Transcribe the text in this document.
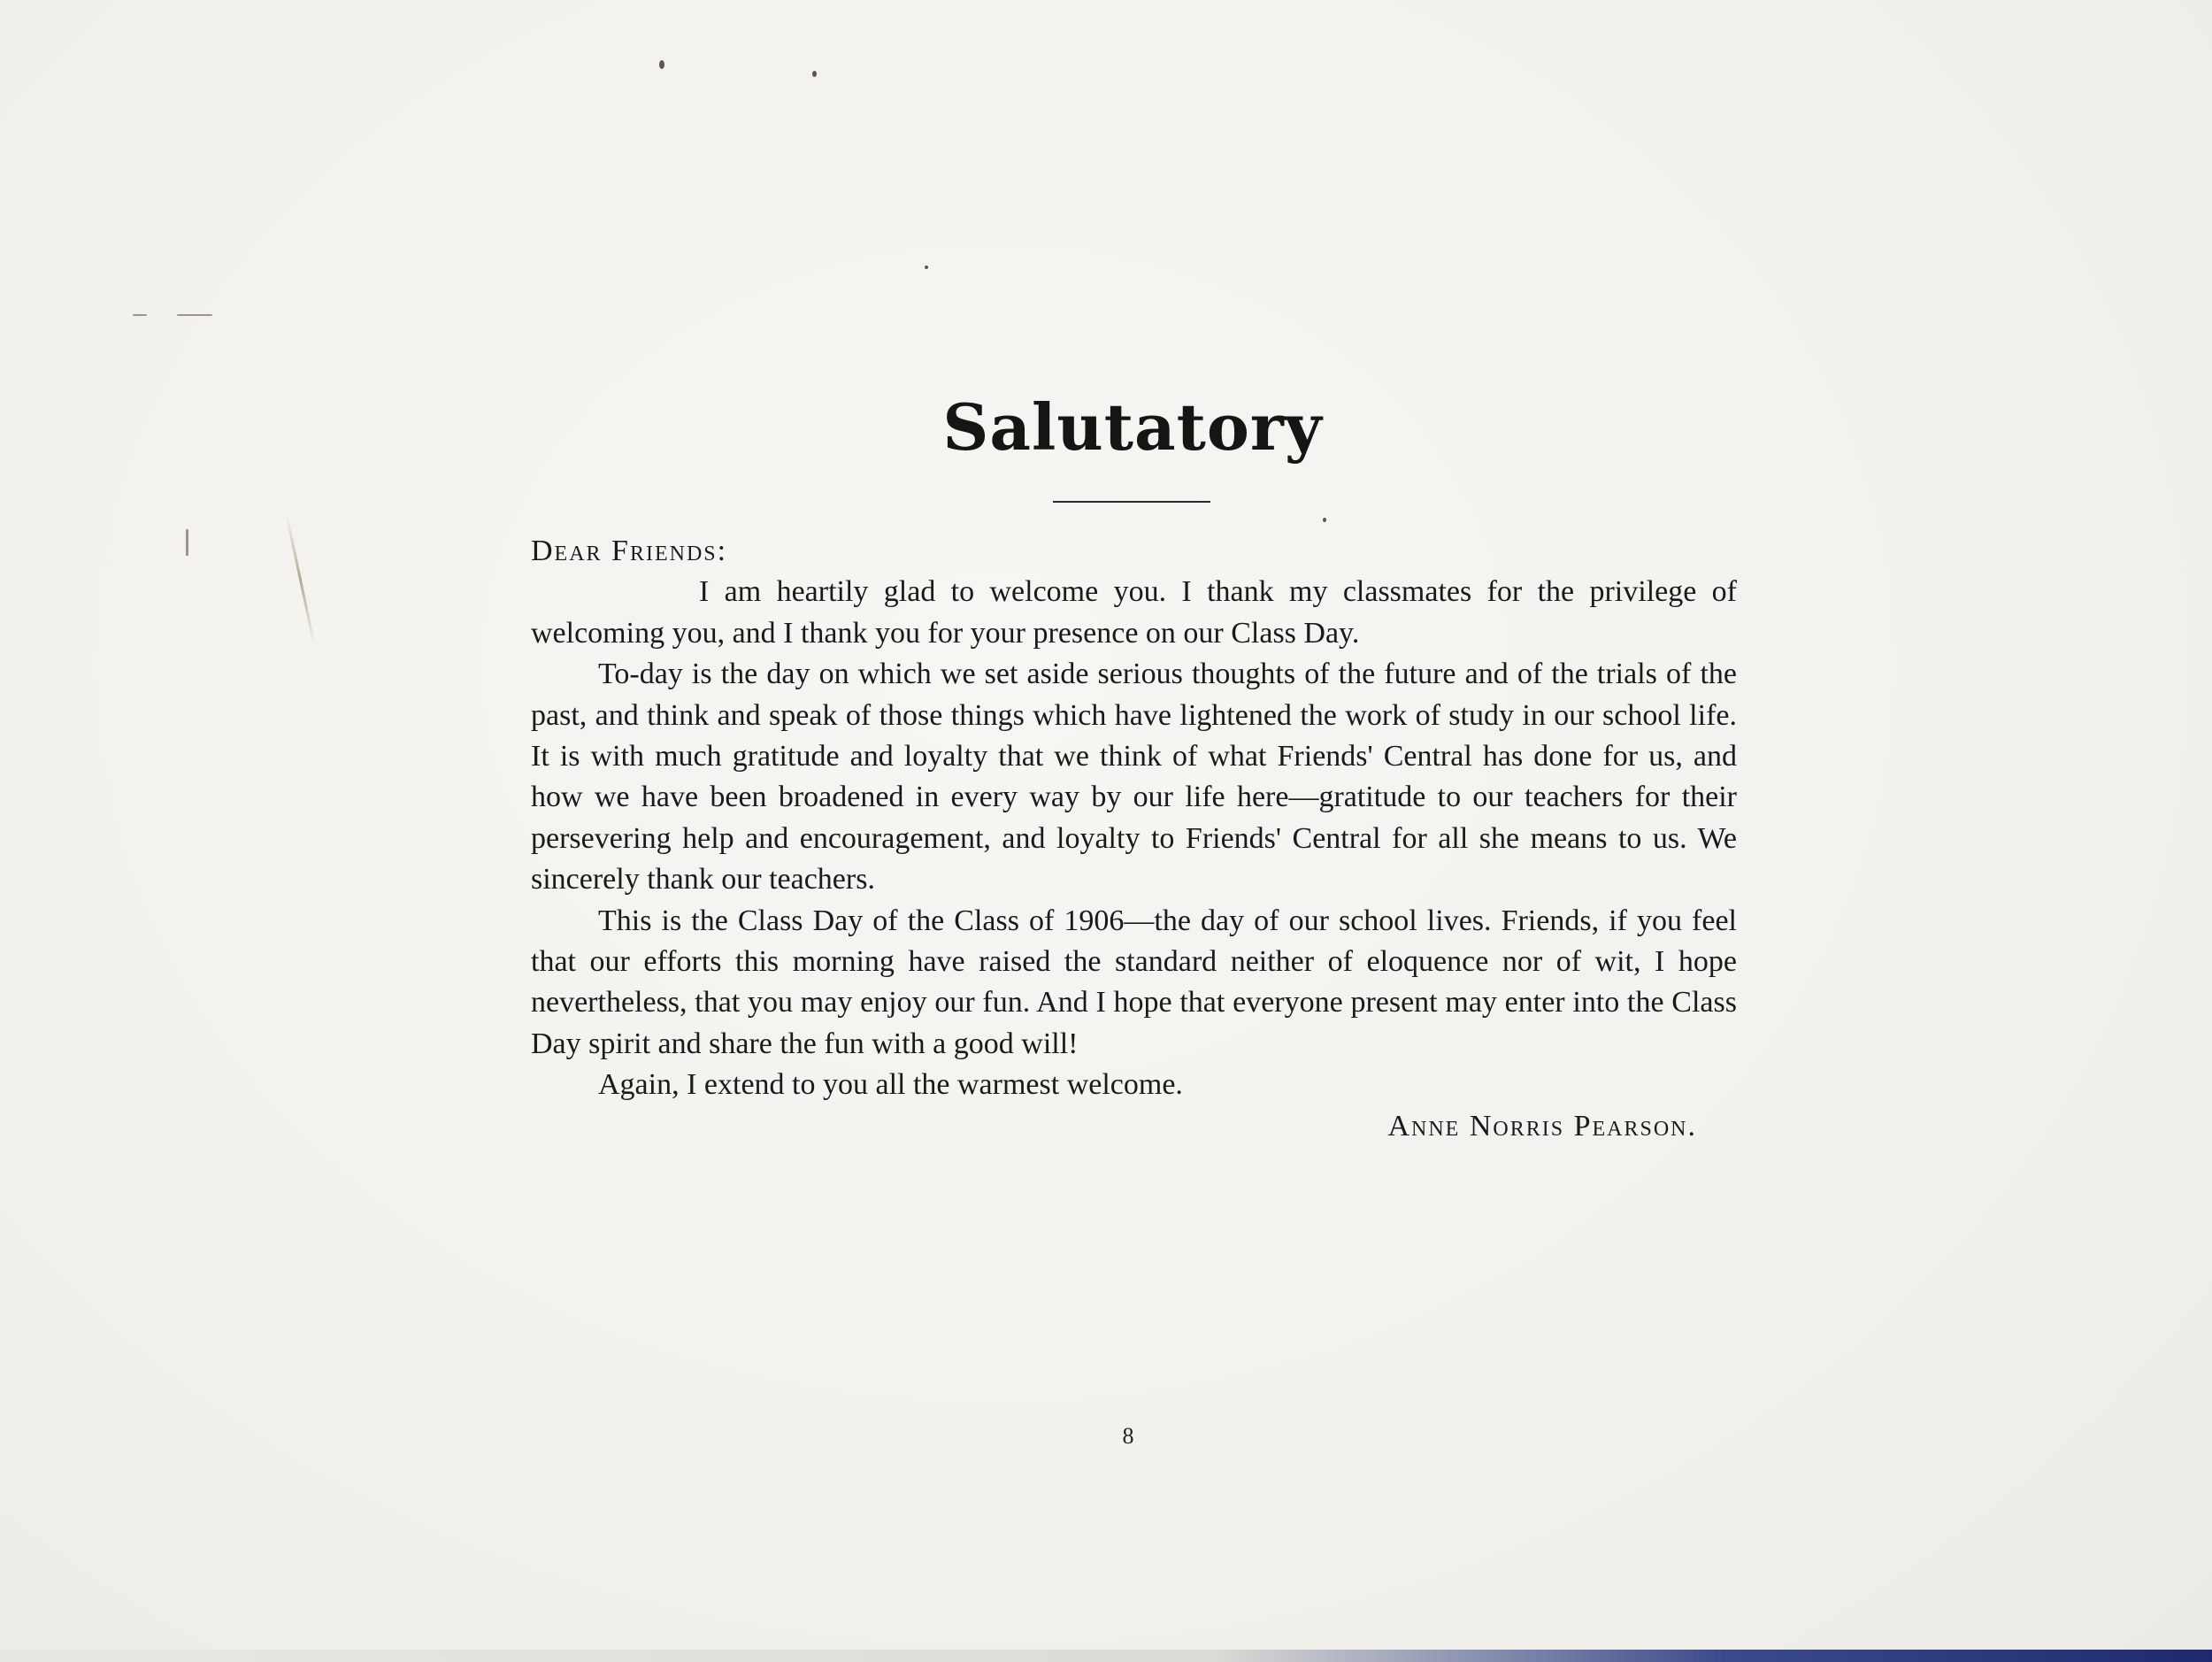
Salutatory

Dear Friends:

I am heartily glad to welcome you. I thank my classmates for the privilege of welcoming you, and I thank you for your presence on our Class Day.

To-day is the day on which we set aside serious thoughts of the future and of the trials of the past, and think and speak of those things which have lightened the work of study in our school life. It is with much gratitude and loyalty that we think of what Friends' Central has done for us, and how we have been broadened in every way by our life here—gratitude to our teachers for their persevering help and encouragement, and loyalty to Friends' Central for all she means to us. We sincerely thank our teachers.

This is the Class Day of the Class of 1906—the day of our school lives. Friends, if you feel that our efforts this morning have raised the standard neither of eloquence nor of wit, I hope nevertheless, that you may enjoy our fun. And I hope that everyone present may enter into the Class Day spirit and share the fun with a good will!

Again, I extend to you all the warmest welcome.

Anne Norris Pearson.

8
